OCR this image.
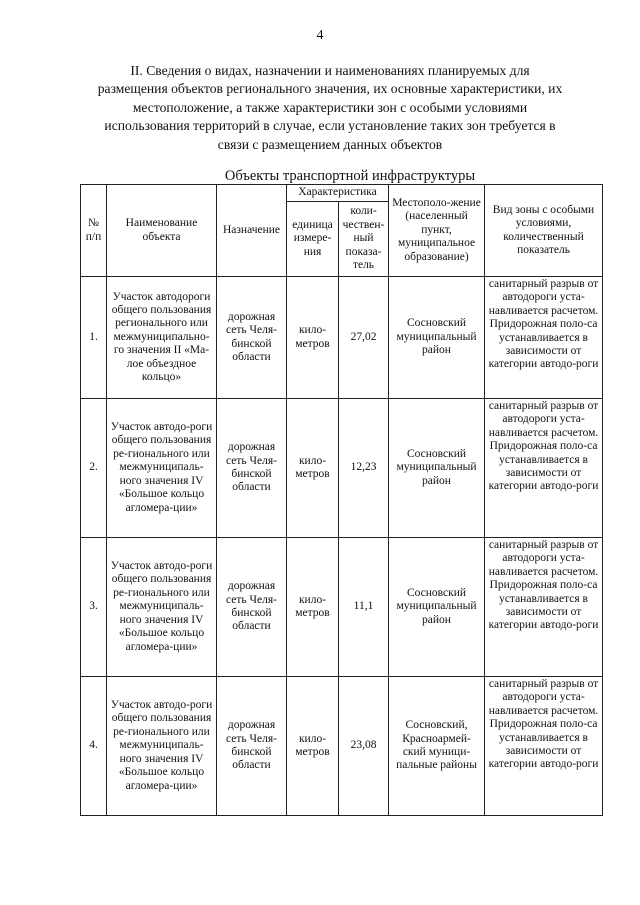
4
II. Сведения о видах, назначении и наименованиях планируемых для размещения объектов регионального значения, их основные характеристики, их местоположение, а также характеристики зон с особыми условиями использования территорий в случае, если установление таких зон требуется в связи с размещением данных объектов
Объекты транспортной инфраструктуры
№ п/п	Наименование объекта	Назначение	Характеристика		Местополо-жение (населенный пункт, муниципальное образование)	Вид зоны с особыми условиями, количественный показатель
			единица измере-ния	коли-чествен-ный показа-тель		
1.	Участок автодороги общего пользования регионального или межмуниципально-го значения II «Ма-лое объездное кольцо»	дорожная сеть Челя-бинской области	кило-метров	27,02	Сосновский муниципальный район	санитарный разрыв от автодороги уста-навливается расчетом. Придорожная поло-са устанавливается в зависимости от категории автодо-роги
2.	Участок автодо-роги общего пользования ре-гионального или межмуниципаль-ного значения IV «Большое кольцо агломера-ции»	дорожная сеть Челя-бинской области	кило-метров	12,23	Сосновский муниципальный район	санитарный разрыв от автодороги уста-навливается расчетом. Придорожная поло-са устанавливается в зависимости от категории автодо-роги
3.	Участок автодо-роги общего пользования ре-гионального или межмуниципаль-ного значения IV «Большое кольцо агломера-ции»	дорожная сеть Челя-бинской области	кило-метров	11,1	Сосновский муниципальный район	санитарный разрыв от автодороги уста-навливается расчетом. Придорожная поло-са устанавливается в зависимости от категории автодо-роги
4.	Участок автодо-роги общего пользования ре-гионального или межмуниципаль-ного значения IV «Большое кольцо агломера-ции»	дорожная сеть Челя-бинской области	кило-метров	23,08	Сосновский, Красноармей-ский муници-пальные районы	санитарный разрыв от автодороги уста-навливается расчетом. Придорожная поло-са устанавливается в зависимости от категории автодо-роги
